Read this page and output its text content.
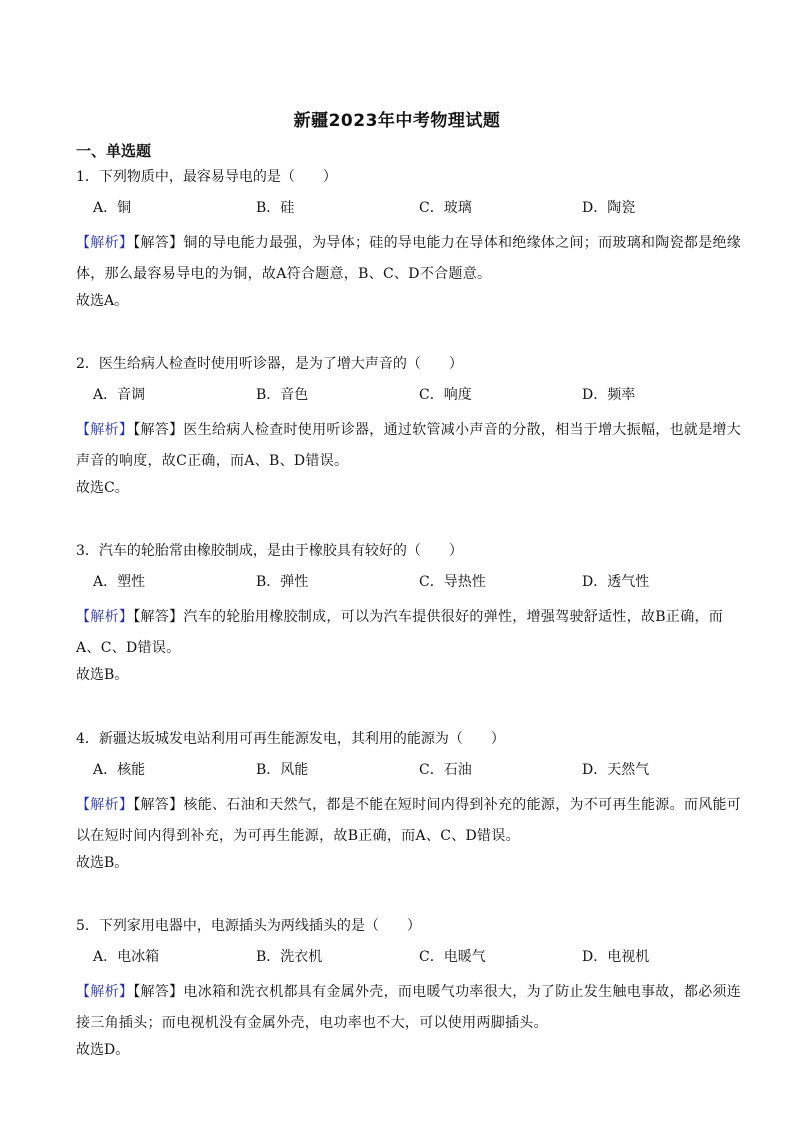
新疆2023年中考物理试题
一、单选题
1．下列物质中，最容易导电的是（　　）
A．铜	B．硅	C．玻璃	D．陶瓷
【解析】【解答】铜的导电能力最强，为导体；硅的导电能力在导体和绝缘体之间；而玻璃和陶瓷都是绝缘体，那么最容易导电的为铜，故A符合题意，B、C、D不合题意。
故选A。
2．医生给病人检查时使用听诊器，是为了增大声音的（　　）
A．音调	B．音色	C．响度	D．频率
【解析】【解答】医生给病人检查时使用听诊器，通过软管减小声音的分散，相当于增大振幅，也就是增大声音的响度，故C正确，而A、B、D错误。
故选C。
3．汽车的轮胎常由橡胶制成，是由于橡胶具有较好的（　　）
A．塑性	B．弹性	C．导热性	D．透气性
【解析】【解答】汽车的轮胎用橡胶制成，可以为汽车提供很好的弹性，增强驾驶舒适性，故B正确，而A、C、D错误。
故选B。
4．新疆达坂城发电站利用可再生能源发电，其利用的能源为（　　）
A．核能	B．风能	C．石油	D．天然气
【解析】【解答】核能、石油和天然气，都是不能在短时间内得到补充的能源，为不可再生能源。而风能可以在短时间内得到补充，为可再生能源，故B正确，而A、C、D错误。
故选B。
5．下列家用电器中，电源插头为两线插头的是（　　）
A．电冰箱	B．洗衣机	C．电暖气	D．电视机
【解析】【解答】电冰箱和洗衣机都具有金属外壳，而电暖气功率很大，为了防止发生触电事故，都必须连接三角插头；而电视机没有金属外壳，电功率也不大，可以使用两脚插头。
故选D。
